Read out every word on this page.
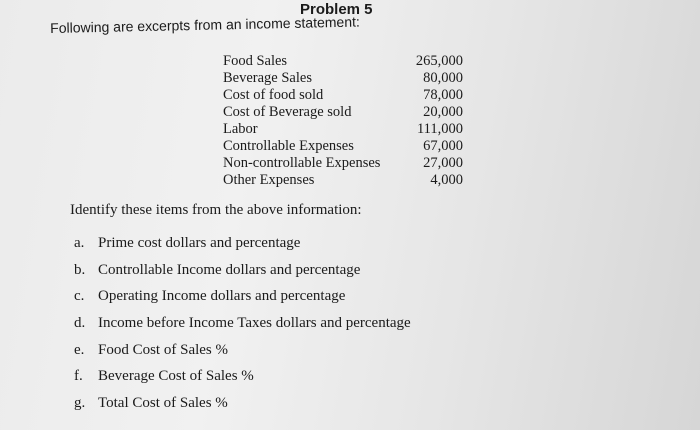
Problem 5
Following are excerpts from an income statement:
Food Sales	265,000
Beverage Sales	80,000
Cost of food sold	78,000
Cost of Beverage sold	20,000
Labor	111,000
Controllable Expenses	67,000
Non-controllable Expenses	27,000
Other Expenses	4,000
Identify these items from the above information:
a. Prime cost dollars and percentage
b. Controllable Income dollars and percentage
c. Operating Income dollars and percentage
d. Income before Income Taxes dollars and percentage
e. Food Cost of Sales %
f.	Beverage Cost of Sales %
g. Total Cost of Sales %
